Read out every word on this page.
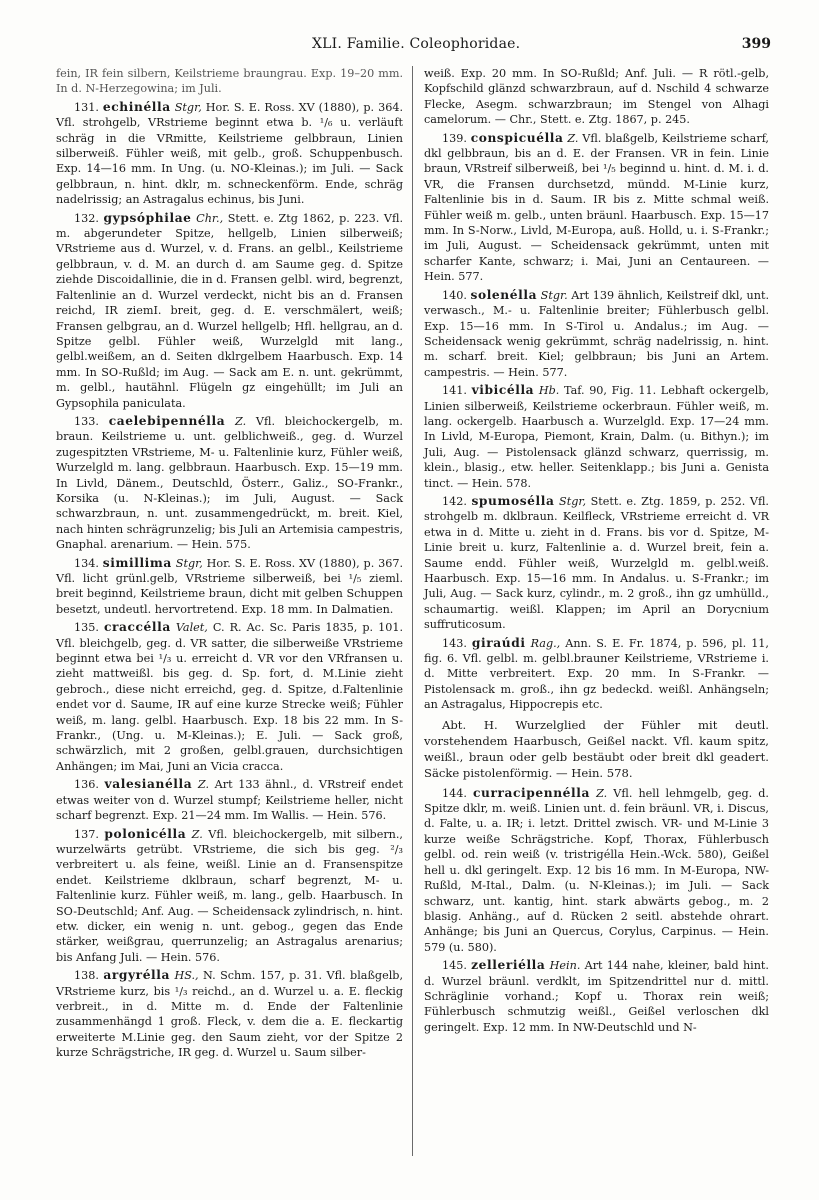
XLI. Familie. Coleophoridae.	399

fein, IR fein silbern, Keilstrieme braungrau. Exp. 19–20 mm. In d. N-Herzegowina; im Juli.

131. echinélla Stgr, Hor. S. E. Ross. XV (1880), p. 364. Vfl. strohgelb, VRstrieme beginnt etwa b. ¹/₆ u. verläuft schräg in die VRmitte, Keilstrieme gelbbraun, Linien silberweiß. Fühler weiß, mit gelb., groß. Schuppenbusch. Exp. 14—16 mm. In Ung. (u. NO-Kleinas.); im Juli. — Sack gelbbraun, n. hint. dklr, m. schneckenförm. Ende, schräg nadelrissig; an Astragalus echinus, bis Juni.

132. gypsóphilae Chr., Stett. e. Ztg 1862, p. 223. Vfl. m. abgerundeter Spitze, hellgelb, Linien silberweiß; VRstrieme aus d. Wurzel, v. d. Frans. an gelbl., Keilstrieme gelbbraun, v. d. M. an durch d. am Saume geg. d. Spitze ziehde Discoidallinie, die in d. Fransen gelbl. wird, begrenzt, Faltenlinie an d. Wurzel verdeckt, nicht bis an d. Fransen reichd, IR ziemI. breit, geg. d. E. verschmälert, weiß; Fransen gelbgrau, an d. Wurzel hellgelb; Hfl. hellgrau, an d. Spitze gelbl. Fühler weiß, Wurzelgld mit lang., gelbl.weißem, an d. Seiten dklrgelbem Haarbusch. Exp. 14 mm. In SO-Rußld; im Aug. — Sack am E. n. unt. gekrümmt, m. gelbl., hautähnl. Flügeln gz eingehüllt; im Juli an Gypsophila paniculata.

133. caelebipennélla Z. Vfl. bleichockergelb, m. braun. Keilstrieme u. unt. gelblichweiß., geg. d. Wurzel zugespitzten VRstrieme, M- u. Faltenlinie kurz, Fühler weiß, Wurzelgld m. lang. gelbbraun. Haarbusch. Exp. 15—19 mm. In Livld, Dänem., Deutschld, Österr., Galiz., SO-Frankr., Korsika (u. N-Kleinas.); im Juli, August. — Sack schwarzbraun, n. unt. zusammengedrückt, m. breit. Kiel, nach hinten schrägrunzelig; bis Juli an Artemisia campestris, Gnaphal. arenarium. — Hein. 575.

134. simillima Stgr, Hor. S. E. Ross. XV (1880), p. 367. Vfl. licht grünl.gelb, VRstrieme silberweiß, bei ¹/₅ zieml. breit beginnd, Keilstrieme braun, dicht mit gelben Schuppen besetzt, undeutl. hervortretend. Exp. 18 mm. In Dalmatien.

135. craccélla Valet, C. R. Ac. Sc. Paris 1835, p. 101. Vfl. bleichgelb, geg. d. VR satter, die silberweiße VRstrieme beginnt etwa bei ¹/₃ u. erreicht d. VR vor den VRfransen u. zieht mattweißl. bis geg. d. Sp. fort, d. M.Linie zieht gebroch., diese nicht erreichd, geg. d. Spitze, d.Faltenlinie endet vor d. Saume, IR auf eine kurze Strecke weiß; Fühler weiß, m. lang. gelbl. Haarbusch. Exp. 18 bis 22 mm. In S-Frankr., (Ung. u. M-Kleinas.); E. Juli. — Sack groß, schwärzlich, mit 2 großen, gelbl.grauen, durchsichtigen Anhängen; im Mai, Juni an Vicia cracca.

136. valesianélla Z. Art 133 ähnl., d. VRstreif endet etwas weiter von d. Wurzel stumpf; Keilstrieme heller, nicht scharf begrenzt. Exp. 21—24 mm. Im Wallis. — Hein. 576.

137. polonicélla Z. Vfl. bleichockergelb, mit silbern., wurzelwärts getrübt. VRstrieme, die sich bis geg. ²/₃ verbreitert u. als feine, weißl. Linie an d. Fransenspitze endet. Keilstrieme dklbraun, scharf begrenzt, M- u. Faltenlinie kurz. Fühler weiß, m. lang., gelb. Haarbusch. In SO-Deutschld; Anf. Aug. — Scheidensack zylindrisch, n. hint. etw. dicker, ein wenig n. unt. gebog., gegen das Ende stärker, weißgrau, querrunzelig; an Astragalus arenarius; bis Anfang Juli. — Hein. 576.

138. argyrélla HS., N. Schm. 157, p. 31. Vfl. blaßgelb, VRstrieme kurz, bis ¹/₃ reichd., an d. Wurzel u. a. E. fleckig verbreit., in d. Mitte m. d. Ende der Faltenlinie zusammenhängd 1 groß. Fleck, v. dem die a. E. fleckartig erweiterte M.Linie geg. den Saum zieht, vor der Spitze 2 kurze Schrägstriche, IR geg. d. Wurzel u. Saum silber-

weiß. Exp. 20 mm. In SO-Rußld; Anf. Juli. — R rötl.-gelb, Kopfschild glänzd schwarzbraun, auf d. Nschild 4 schwarze Flecke, Asegm. schwarzbraun; im Stengel von Alhagi camelorum. — Chr., Stett. e. Ztg. 1867, p. 245.

139. conspicuélla Z. Vfl. blaßgelb, Keilstrieme scharf, dkl gelbbraun, bis an d. E. der Fransen. VR in fein. Linie braun, VRstreif silberweiß, bei ¹/₅ beginnd u. hint. d. M. i. d. VR, die Fransen durchsetzd, mündd. M-Linie kurz, Faltenlinie bis in d. Saum. IR bis z. Mitte schmal weiß. Fühler weiß m. gelb., unten bräunl. Haarbusch. Exp. 15—17 mm. In S-Norw., Livld, M-Europa, auß. Holld, u. i. S-Frankr.; im Juli, August. — Scheidensack gekrümmt, unten mit scharfer Kante, schwarz; i. Mai, Juni an Centaureen. — Hein. 577.

140. solenélla Stgr. Art 139 ähnlich, Keilstreif dkl, unt. verwasch., M.- u. Faltenlinie breiter; Fühlerbusch gelbl. Exp. 15—16 mm. In S-Tirol u. Andalus.; im Aug. — Scheidensack wenig gekrümmt, schräg nadelrissig, n. hint. m. scharf. breit. Kiel; gelbbraun; bis Juni an Artem. campestris. — Hein. 577.

141. vibicélla Hb. Taf. 90, Fig. 11. Lebhaft ockergelb, Linien silberweiß, Keilstrieme ockerbraun. Fühler weiß, m. lang. ockergelb. Haarbusch a. Wurzelgld. Exp. 17—24 mm. In Livld, M-Europa, Piemont, Krain, Dalm. (u. Bithyn.); im Juli, Aug. — Pistolensack glänzd schwarz, querrissig, m. klein., blasig., etw. heller. Seitenklapp.; bis Juni a. Genista tinct. — Hein. 578.

142. spumosélla Stgr, Stett. e. Ztg. 1859, p. 252. Vfl. strohgelb m. dklbraun. Keilfleck, VRstrieme erreicht d. VR etwa in d. Mitte u. zieht in d. Frans. bis vor d. Spitze, M-Linie breit u. kurz, Faltenlinie a. d. Wurzel breit, fein a. Saume endd. Fühler weiß, Wurzelgld m. gelbl.weiß. Haarbusch. Exp. 15—16 mm. In Andalus. u. S-Frankr.; im Juli, Aug. — Sack kurz, cylindr., m. 2 groß., ihn gz umhülld., schaumartig. weißl. Klappen; im April an Dorycnium suffruticosum.

143. giraúdi Rag., Ann. S. E. Fr. 1874, p. 596, pl. 11, fig. 6. Vfl. gelbl. m. gelbl.brauner Keilstrieme, VRstrieme i. d. Mitte verbreitert. Exp. 20 mm. In S-Frankr. — Pistolensack m. groß., ihn gz bedeckd. weißl. Anhängseln; an Astragalus, Hippocrepis etc.

Abt. H. Wurzelglied der Fühler mit deutl. vorstehendem Haarbusch, Geißel nackt. Vfl. kaum spitz, weißl., braun oder gelb bestäubt oder breit dkl geadert. Säcke pistolenförmig. — Hein. 578.

144. curracipennélla Z. Vfl. hell lehmgelb, geg. d. Spitze dklr, m. weiß. Linien unt. d. fein bräunl. VR, i. Discus, d. Falte, u. a. IR; i. letzt. Drittel zwisch. VR- und M-Linie 3 kurze weiße Schrägstriche. Kopf, Thorax, Fühlerbusch gelbl. od. rein weiß (v. tristrigélla Hein.-Wck. 580), Geißel hell u. dkl geringelt. Exp. 12 bis 16 mm. In M-Europa, NW-Rußld, M-Ital., Dalm. (u. N-Kleinas.); im Juli. — Sack schwarz, unt. kantig, hint. stark abwärts gebog., m. 2 blasig. Anhäng., auf d. Rücken 2 seitl. abstehde ohrart. Anhänge; bis Juni an Quercus, Corylus, Carpinus. — Hein. 579 (u. 580).

145. zelleriélla Hein. Art 144 nahe, kleiner, bald hint. d. Wurzel bräunl. verdklt, im Spitzendrittel nur d. mittl. Schräglinie vorhand.; Kopf u. Thorax rein weiß; Fühlerbusch schmutzig weißl., Geißel verloschen dkl geringelt. Exp. 12 mm. In NW-Deutschld und N-
